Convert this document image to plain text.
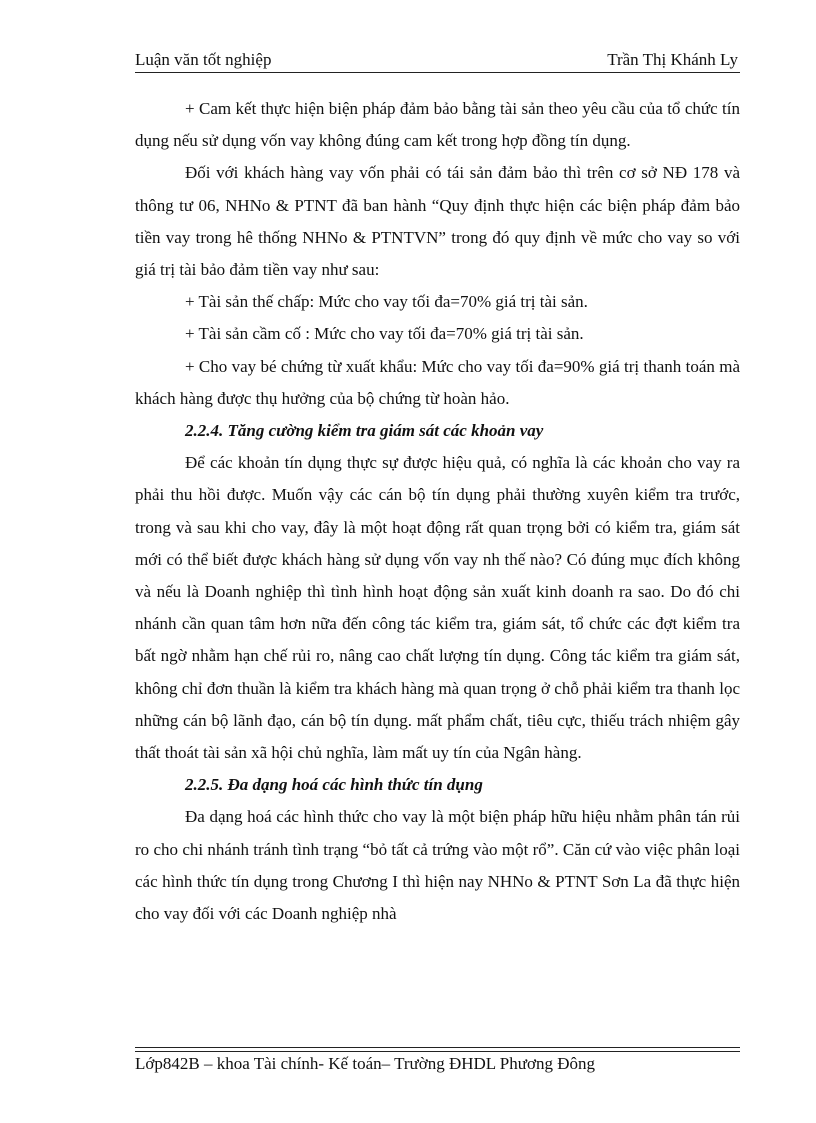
Luận văn tốt nghiệp	Trần Thị Khánh Ly

+ Cam kết thực hiện biện pháp đảm bảo bằng tài sản theo yêu cầu của tổ chức tín dụng nếu sử dụng vốn vay không đúng cam kết trong hợp đồng tín dụng.

Đối với khách hàng vay vốn phải có tái sản đảm bảo thì trên cơ sở NĐ 178 và thông tư 06, NHNo & PTNT đã ban hành “Quy định thực hiện các biện pháp đảm bảo tiền vay trong hê thống NHNo & PTNTVN” trong đó quy định về mức cho vay so với giá trị tài bảo đảm tiền vay như sau:

+ Tài sản thế chấp: Mức cho vay tối đa=70% giá trị tài sản.

+ Tài sản cầm cố : Mức cho vay tối đa=70% giá trị tài sản.

+ Cho vay bé chứng từ xuất khẩu: Mức cho vay tối đa=90% giá trị thanh toán mà khách hàng được thụ hưởng của bộ chứng từ hoàn hảo.

2.2.4. Tăng cường kiểm tra giám sát các khoản vay

Để các khoản tín dụng thực sự được hiệu quả, có nghĩa là các khoản cho vay ra phải thu hồi được. Muốn vậy các cán bộ tín dụng phải thường xuyên kiểm tra trước, trong và sau khi cho vay, đây là một hoạt động rất quan trọng bởi có kiểm tra, giám sát mới có thể biết được khách hàng sử dụng vốn vay nh thế nào? Có đúng mục đích không và nếu là Doanh nghiệp thì tình hình hoạt động sản xuất kinh doanh ra sao. Do đó chi nhánh cần quan tâm hơn nữa đến công tác kiểm tra, giám sát, tổ chức các đợt kiểm tra bất ngờ nhằm hạn chế rủi ro, nâng cao chất lượng tín dụng. Công tác kiểm tra giám sát, không chỉ đơn thuần là kiểm tra khách hàng mà quan trọng ở chỗ phải kiểm tra thanh lọc những cán bộ lãnh đạo, cán bộ tín dụng. mất phẩm chất, tiêu cực, thiếu trách nhiệm gây thất thoát tài sản xã hội chủ nghĩa, làm mất uy tín của Ngân hàng.

2.2.5. Đa dạng hoá các hình thức tín dụng

Đa dạng hoá các hình thức cho vay là một biện pháp hữu hiệu nhằm phân tán rủi ro cho chi nhánh tránh tình trạng “bỏ tất cả trứng vào một rổ”. Căn cứ vào việc phân loại các hình thức tín dụng trong Chương I thì hiện nay NHNo & PTNT Sơn La đã thực hiện cho vay đối với các Doanh nghiệp nhà

Lớp842B – khoa Tài chính- Kế toán– Trường ĐHDL Phương Đông
